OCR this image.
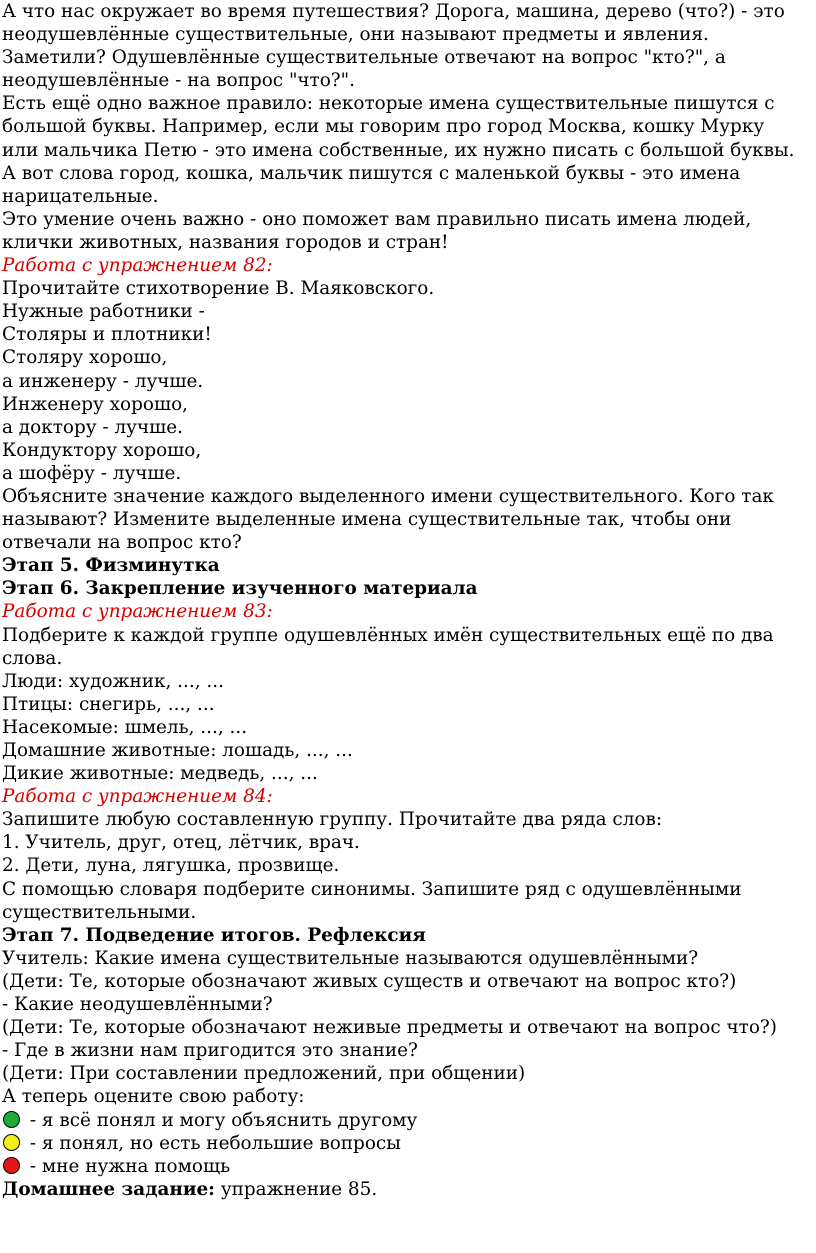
А что нас окружает во время путешествия? Дорога, машина, дерево (что?) - это
неодушевлённые существительные, они называют предметы и явления.
Заметили? Одушевлённые существительные отвечают на вопрос "кто?", а
неодушевлённые - на вопрос "что?".
Есть ещё одно важное правило: некоторые имена существительные пишутся с
большой буквы. Например, если мы говорим про город Москва, кошку Мурку
или мальчика Петю - это имена собственные, их нужно писать с большой буквы.
А вот слова город, кошка, мальчик пишутся с маленькой буквы - это имена
нарицательные.
Это умение очень важно - оно поможет вам правильно писать имена людей,
клички животных, названия городов и стран!
Работа с упражнением 82:
Прочитайте стихотворение В. Маяковского.
Нужные работники -
Столяры и плотники!
Столяру хорошо,
а инженеру - лучше.
Инженеру хорошо,
а доктору - лучше.
Кондуктору хорошо,
а шофёру - лучше.
Объясните значение каждого выделенного имени существительного. Кого так
называют? Измените выделенные имена существительные так, чтобы они
отвечали на вопрос кто?
Этап 5. Физминутка
Этап 6. Закрепление изученного материала
Работа с упражнением 83:
Подберите к каждой группе одушевлённых имён существительных ещё по два
слова.
Люди: художник, ..., ...
Птицы: снегирь, ..., ...
Насекомые: шмель, ..., ...
Домашние животные: лошадь, ..., ...
Дикие животные: медведь, ..., ...
Работа с упражнением 84:
Запишите любую составленную группу. Прочитайте два ряда слов:
1. Учитель, друг, отец, лётчик, врач.
2. Дети, луна, лягушка, прозвище.
С помощью словаря подберите синонимы. Запишите ряд с одушевлёнными
существительными.
Этап 7. Подведение итогов. Рефлексия
Учитель: Какие имена существительные называются одушевлёнными?
(Дети: Те, которые обозначают живых существ и отвечают на вопрос кто?)
- Какие неодушевлёнными?
(Дети: Те, которые обозначают неживые предметы и отвечают на вопрос что?)
- Где в жизни нам пригодится это знание?
(Дети: При составлении предложений, при общении)
А теперь оцените свою работу:
- я всё понял и могу объяснить другому
- я понял, но есть небольшие вопросы
- мне нужна помощь
Домашнее задание: упражнение 85.
